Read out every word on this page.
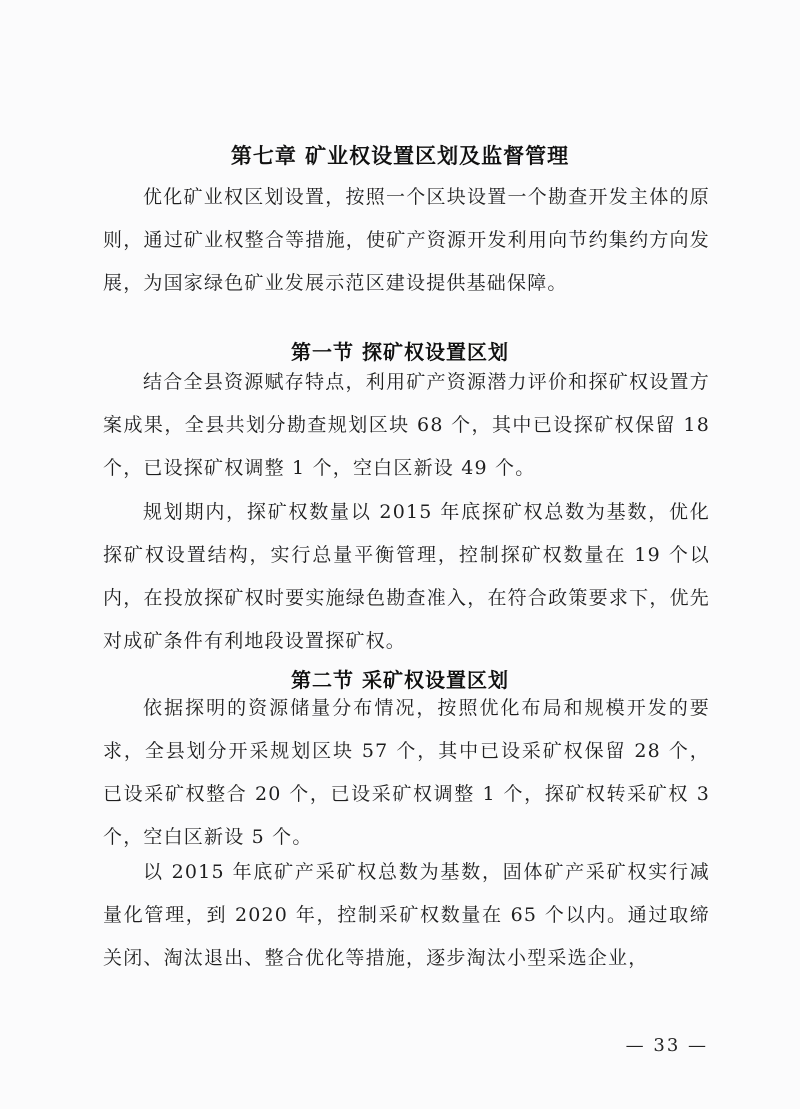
第七章 矿业权设置区划及监督管理
优化矿业权区划设置，按照一个区块设置一个勘查开发主体的原则，通过矿业权整合等措施，使矿产资源开发利用向节约集约方向发展，为国家绿色矿业发展示范区建设提供基础保障。
第一节 探矿权设置区划
结合全县资源赋存特点，利用矿产资源潜力评价和探矿权设置方案成果，全县共划分勘查规划区块 68 个，其中已设探矿权保留 18 个，已设探矿权调整 1 个，空白区新设 49 个。
规划期内，探矿权数量以 2015 年底探矿权总数为基数，优化探矿权设置结构，实行总量平衡管理，控制探矿权数量在 19 个以内，在投放探矿权时要实施绿色勘查准入，在符合政策要求下，优先对成矿条件有利地段设置探矿权。
第二节 采矿权设置区划
依据探明的资源储量分布情况，按照优化布局和规模开发的要求，全县划分开采规划区块 57 个，其中已设采矿权保留 28 个，已设采矿权整合 20 个，已设采矿权调整 1 个，探矿权转采矿权 3 个，空白区新设 5 个。
以 2015 年底矿产采矿权总数为基数，固体矿产采矿权实行减量化管理，到 2020 年，控制采矿权数量在 65 个以内。通过取缔关闭、淘汰退出、整合优化等措施，逐步淘汰小型采选企业，
— 33 —
